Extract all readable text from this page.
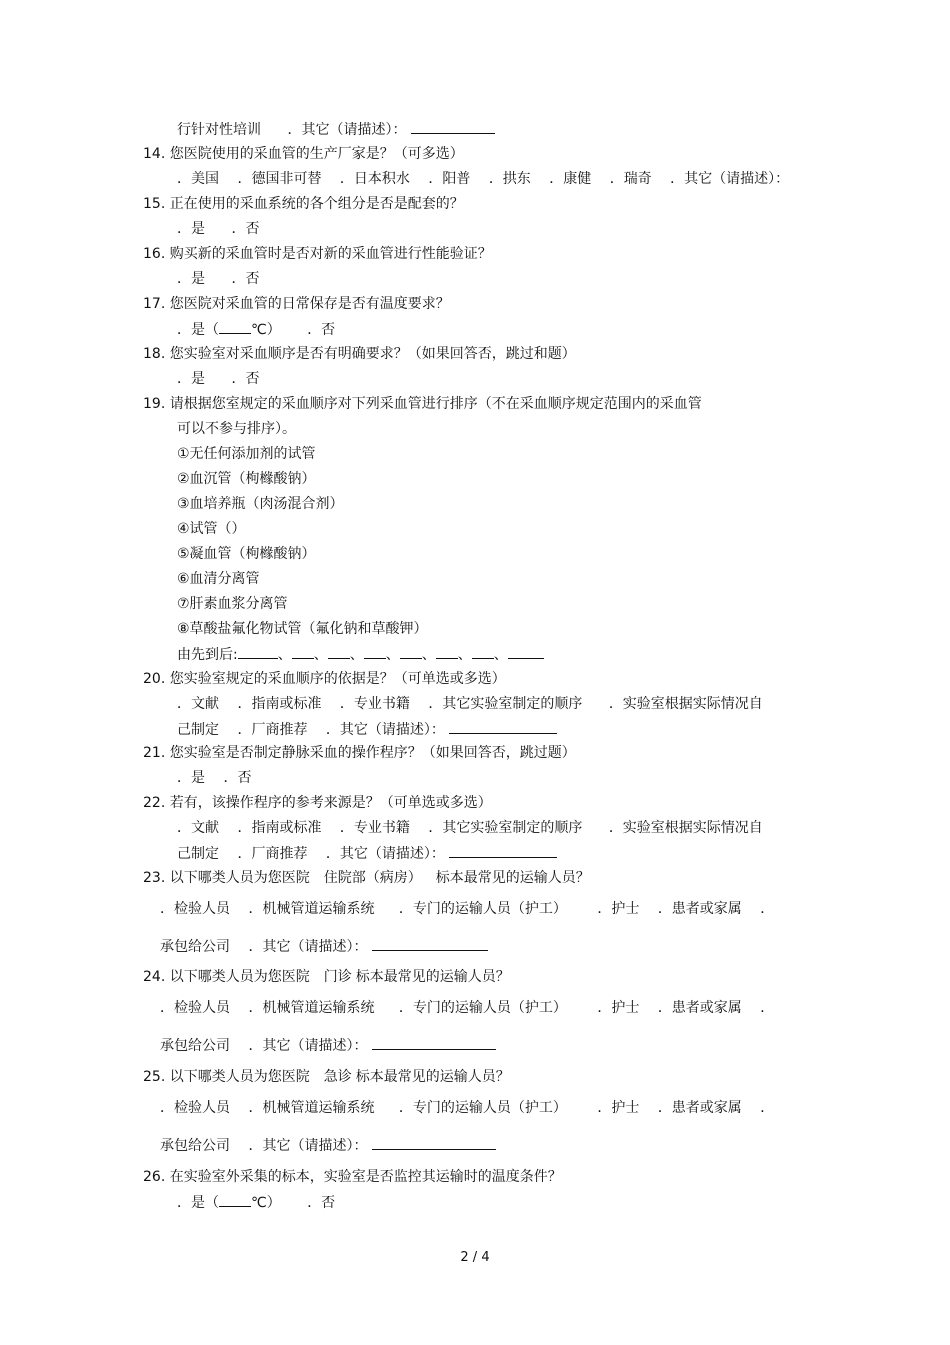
行针对性培训 ．其它（请描述）：
14. 您医院使用的采血管的生产厂家是？（可多选）
．美国 ．德国非可替 ．日本积水 ．阳普 ．拱东 ．康健 ．瑞奇 ．其它（请描述）：
15. 正在使用的采血系统的各个组分是否是配套的？
．是 ．否
16. 购买新的采血管时是否对新的采血管进行性能验证？
．是 ．否
17. 您医院对采血管的日常保存是否有温度要求？
．是（ ℃） ．否
18. 您实验室对采血顺序是否有明确要求？（如果回答否，跳过和题）
．是 ．否
19. 请根据您室规定的采血顺序对下列采血管进行排序（不在采血顺序规定范围内的采血管
可以不参与排序）。
①无任何添加剂的试管
②血沉管（枸橼酸钠）
③血培养瓶（肉汤混合剂）
④试管（）
⑤凝血管（枸橼酸钠）
⑥血清分离管
⑦肝素血浆分离管
⑧草酸盐氟化物试管（氟化钠和草酸钾）
由先到后:	、 、 、 、 、 、 、
20. 您实验室规定的采血顺序的依据是？（可单选或多选）
．文献 ．指南或标准 ．专业书籍 ．其它实验室制定的顺序 ．实验室根据实际情况自
己制定 ．厂商推荐 ．其它（请描述）：
21. 您实验室是否制定静脉采血的操作程序？（如果回答否，跳过题）
．是 ．否
22. 若有，该操作程序的参考来源是？（可单选或多选）
．文献 ．指南或标准 ．专业书籍 ．其它实验室制定的顺序 ．实验室根据实际情况自
己制定 ．厂商推荐 ．其它（请描述）：
23. 以下哪类人员为您医院 住院部（病房） 标本最常见的运输人员？
．检验人员 ．机械管道运输系统 ．专门的运输人员（护工） ．护士 ．患者或家属 ．
承包给公司 ．其它（请描述）：
24. 以下哪类人员为您医院 门诊 标本最常见的运输人员？
．检验人员 ．机械管道运输系统 ．专门的运输人员（护工） ．护士 ．患者或家属 ．
承包给公司 ．其它（请描述）：
25. 以下哪类人员为您医院 急诊 标本最常见的运输人员？
．检验人员 ．机械管道运输系统 ．专门的运输人员（护工） ．护士 ．患者或家属 ．
承包给公司 ．其它（请描述）：
26. 在实验室外采集的标本，实验室是否监控其运输时的温度条件？
．是（ ℃） ．否
2 / 4
